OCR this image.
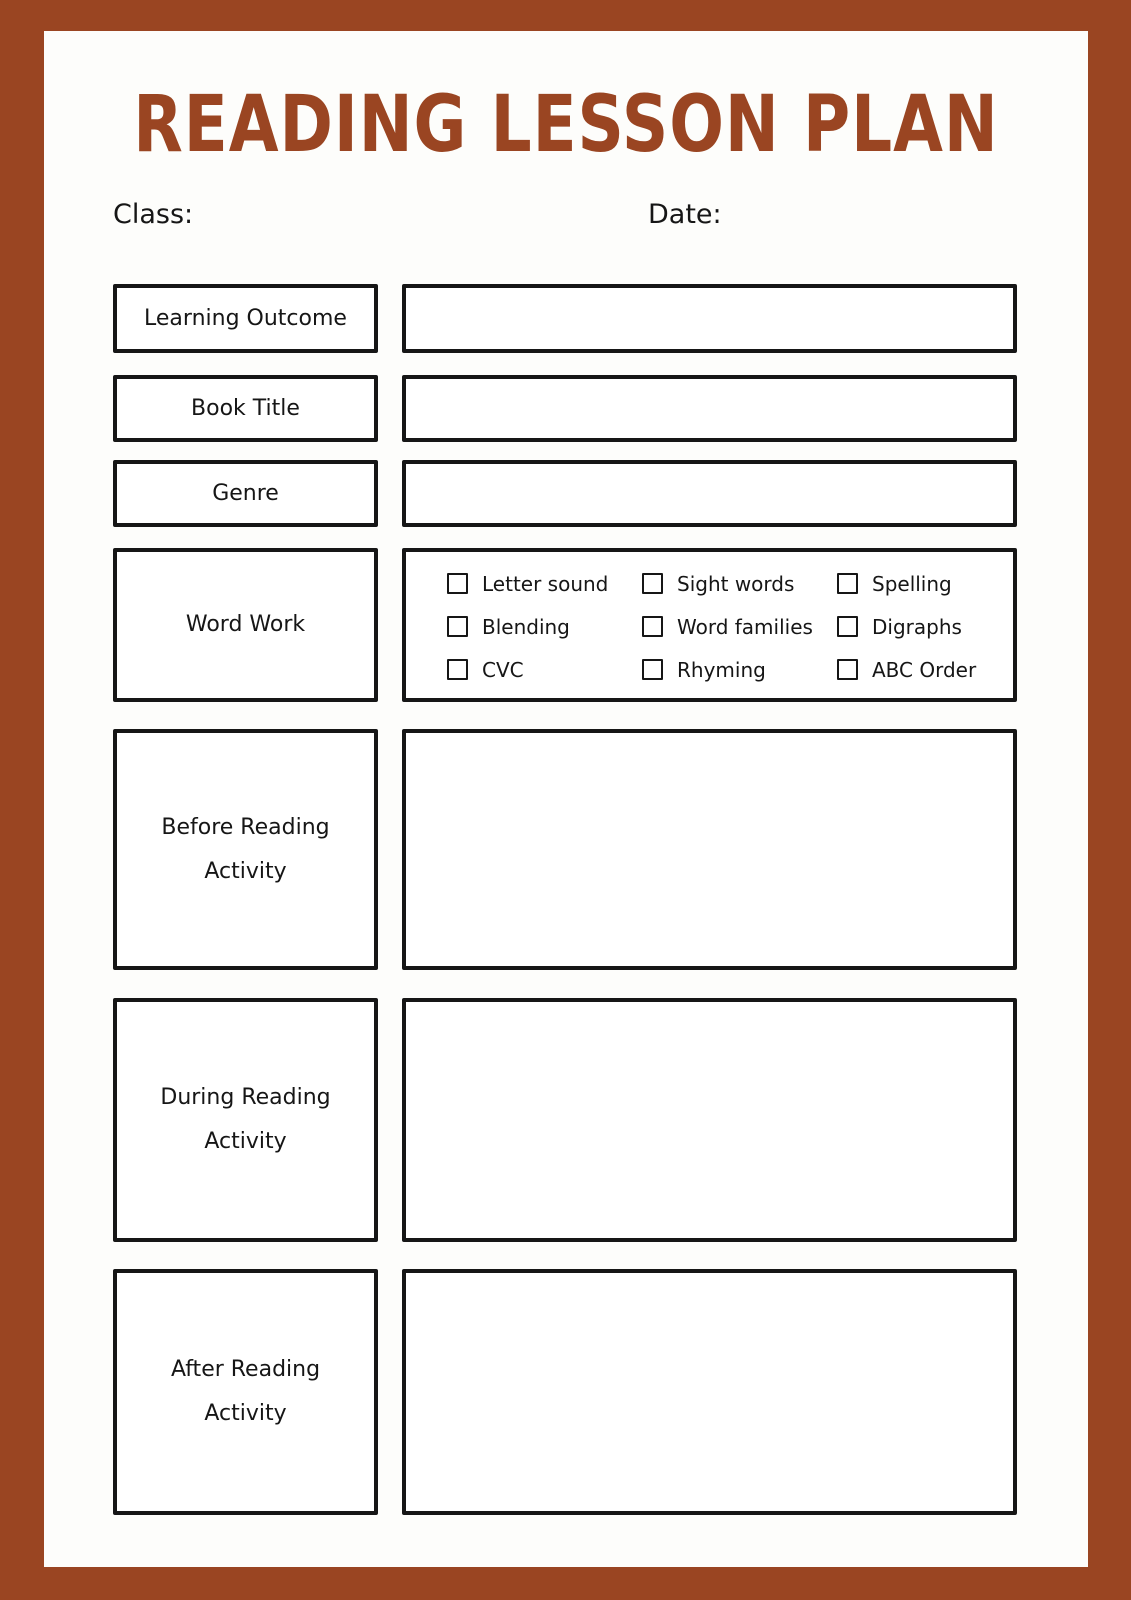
READING LESSON PLAN
Class:	Date:
Learning Outcome
Book Title
Genre
Word Work
Letter sound	Sight words	Spelling
Blending	Word families	Digraphs
CVC	Rhyming	ABC Order
Before Reading
Activity
During Reading
Activity
After Reading
Activity
